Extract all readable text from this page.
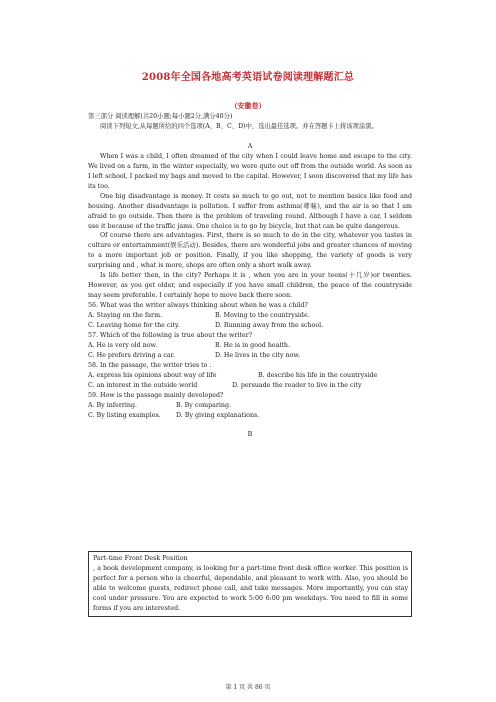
2008年全国各地高考英语试卷阅读理解题汇总
（安徽卷）

第三部分 阅读理解(共20小题;每小题2分,满分40分)

阅读下列短文,从每题所给的四个选项(A、B、C、D)中，选出最佳选项。并在答题卡上将该项涂黑。

A

When I was a child, I often dreamed of the city when I could leave home and escape to the city. We lived on a farm, in the winter especially, we were quite out off from the outside world. As soon as I left school, I packed my bags and moved to the capital. However, I soon discovered that my life has its too.

One big disadvantage is money. It costs so much to go out, not to mention basics like food and housing. Another disadvantage is pollution. I suffer from asthma(哮喘), and the air is so that I am afraid to go outside. Then there is the problem of traveling round. Although I have a car, I seldom use it because of the traffic jams. One choice is to go by bicycle, but that can be quite dangerous.

Of course there are advantages. First, there is so much to do in the city, whatever you tastes in culture or entertainment(娱乐活动). Besides, there are wonderful jobs and greater chances of moving to a more important job or position. Finally, if you like shopping, the variety of goods is very surprising and , what is more, shops are often only a short walk away.

Is life better then, in the city? Perhaps it is , when you are in your teens(十几岁)or twenties. However, as you get older, and especially if you have small children, the peace of the countryside may seem preferable. I certainly hope to move back there soon.

56. What was the writer always thinking about when he was a child?

A. Staying on the farm.	B. Moving to the countryside.
C. Leaving home for the city.	D. Running away from the school.

57. Which of the following is true about the writer?

A. He is very old now.	B. He is in good health.
C. He prefers driving a car.	D. He lives in the city now.

58. In the passage, the writer tries to .

A. express his opinions about way of life	B. describe his life in the countryside
C. an interest in the outside world	D. persuade the reader to live in the city

59. How is the passage mainly developed?

A. By inferring.	B. By comparing.
C. By listing examples.	D. By giving explanations.

B

Part-time Front Desk Position

, a book development company, is looking for a part-time front desk office worker. This position is perfect for a person who is cheerful, dependable, and pleasant to work with. Also, you should be able to welcome guests, redirect phone call, and take messages. More importantly, you can stay cool under pressure. You are expected to work 5:00 6:00 pm weekdays. You need to fill in some forms if you are interested.

第 1 页 共 86 页
